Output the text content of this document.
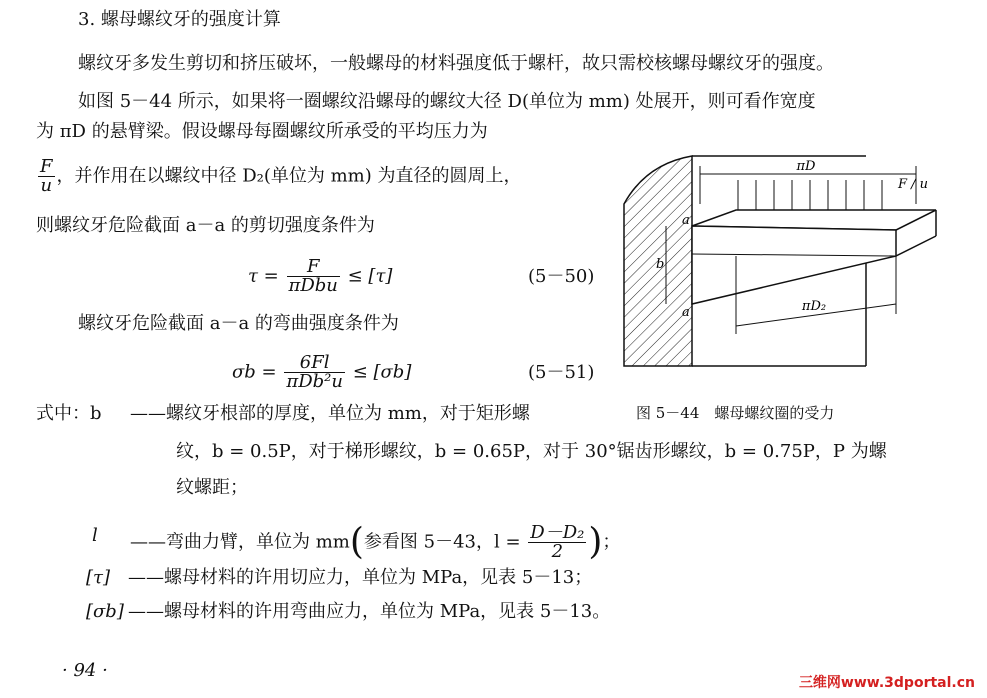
3. 螺母螺纹牙的强度计算
螺纹牙多发生剪切和挤压破坏，一般螺母的材料强度低于螺杆，故只需校核螺母螺纹牙的强度。
如图 5－44 所示，如果将一圈螺纹沿螺母的螺纹大径 D(单位为 mm) 处展开，则可看作宽度
为 πD 的悬臂梁。假设螺母每圈螺纹所承受的平均压力为
$\frac{F}{u}$ ，并作用在以螺纹中径 D₂(单位为 mm) 为直径的圆周上，
则螺纹牙危险截面 a－a 的剪切强度条件为
$\tau = \frac{F}{\text{πDbu}} \le [\tau]$	(5－50)
螺纹牙危险截面 a－a 的弯曲强度条件为
$\sigma b = \frac{6Fl}{\text{πDb²u}} \le [\sigma b]$	(5－51)
式中：b ——螺纹牙根部的厚度，单位为 mm，对于矩形螺
纹，b = 0.5P，对于梯形螺纹，b = 0.65P，对于 30°锯齿形螺纹，b = 0.75P，P 为螺
纹螺距；
l ——弯曲力臂，单位为 mm(参看图 5－43，$l = \frac{\text{D－D₂}}{2}$ )；
[τ] ——螺母材料的许用切应力，单位为 MPa，见表 5－13；
[σb] ——螺母材料的许用弯曲应力，单位为 MPa，见表 5－13。
πD
F / u
πD₂
b
a
a
图 5－44　螺母螺纹圈的受力
· 94 ·
三维网www.3dportal.cn
